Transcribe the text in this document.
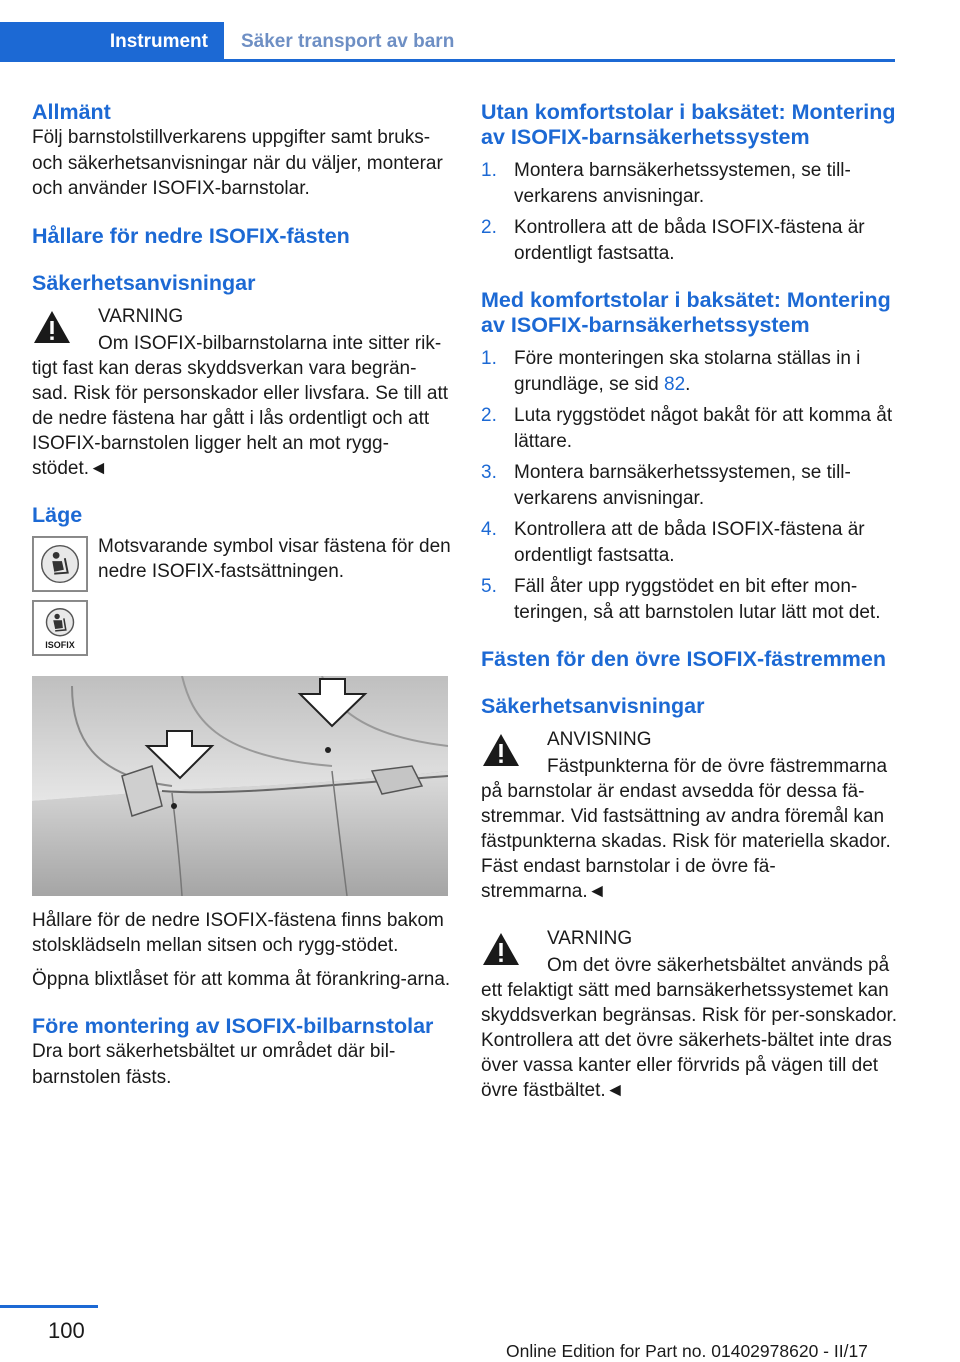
Instrument	Säker transport av barn
Allmänt
Följ barnstolstillverkarens uppgifter samt bruks- och säkerhetsanvisningar när du väljer, monterar och använder ISOFIX-barnstolar.
Hållare för nedre ISOFIX-fästen
Säkerhetsanvisningar
VARNING
Om ISOFIX-bilbarnstolarna inte sitter rik-
tigt fast kan deras skyddsverkan vara begrän-sad. Risk för personskador eller livsfara. Se till att de nedre fästena har gått i lås ordentligt och att ISOFIX-barnstolen ligger helt an mot rygg-stödet.◄
Läge
Motsvarande symbol visar fästena för den nedre ISOFIX-fastsättningen.
ISOFIX
Hållare för de nedre ISOFIX-fästena finns bakom stolsklädseln mellan sitsen och rygg-stödet.
Öppna blixtlåset för att komma åt förankring-arna.
Före montering av ISOFIX-bilbarnstolar
Dra bort säkerhetsbältet ur området där bil-barnstolen fästs.
Utan komfortstolar i baksätet: Montering av ISOFIX-barnsäkerhetssystem
1. Montera barnsäkerhetssystemen, se till-verkarens anvisningar.
2. Kontrollera att de båda ISOFIX-fästena är ordentligt fastsatta.
Med komfortstolar i baksätet: Montering av ISOFIX-barnsäkerhetssystem
1. Före monteringen ska stolarna ställas in i grundläge, se sid 82.
2. Luta ryggstödet något bakåt för att komma åt lättare.
3. Montera barnsäkerhetssystemen, se till-verkarens anvisningar.
4. Kontrollera att de båda ISOFIX-fästena är ordentligt fastsatta.
5. Fäll åter upp ryggstödet en bit efter mon-teringen, så att barnstolen lutar lätt mot det.
Fästen för den övre ISOFIX-fästremmen
Säkerhetsanvisningar
ANVISNING
Fästpunkterna för de övre fästremmarna
på barnstolar är endast avsedda för dessa fä-stremmar. Vid fastsättning av andra föremål kan fästpunkterna skadas. Risk för materiella skador. Fäst endast barnstolar i de övre fä-stremmarna.◄
VARNING
Om det övre säkerhetsbältet används på
ett felaktigt sätt med barnsäkerhetssystemet kan skyddsverkan begränsas. Risk för per-sonskador. Kontrollera att det övre säkerhets-bältet inte dras över vassa kanter eller förvrids på vägen till det övre fästbältet.◄
100
Online Edition for Part no. 01402978620 - II/17
